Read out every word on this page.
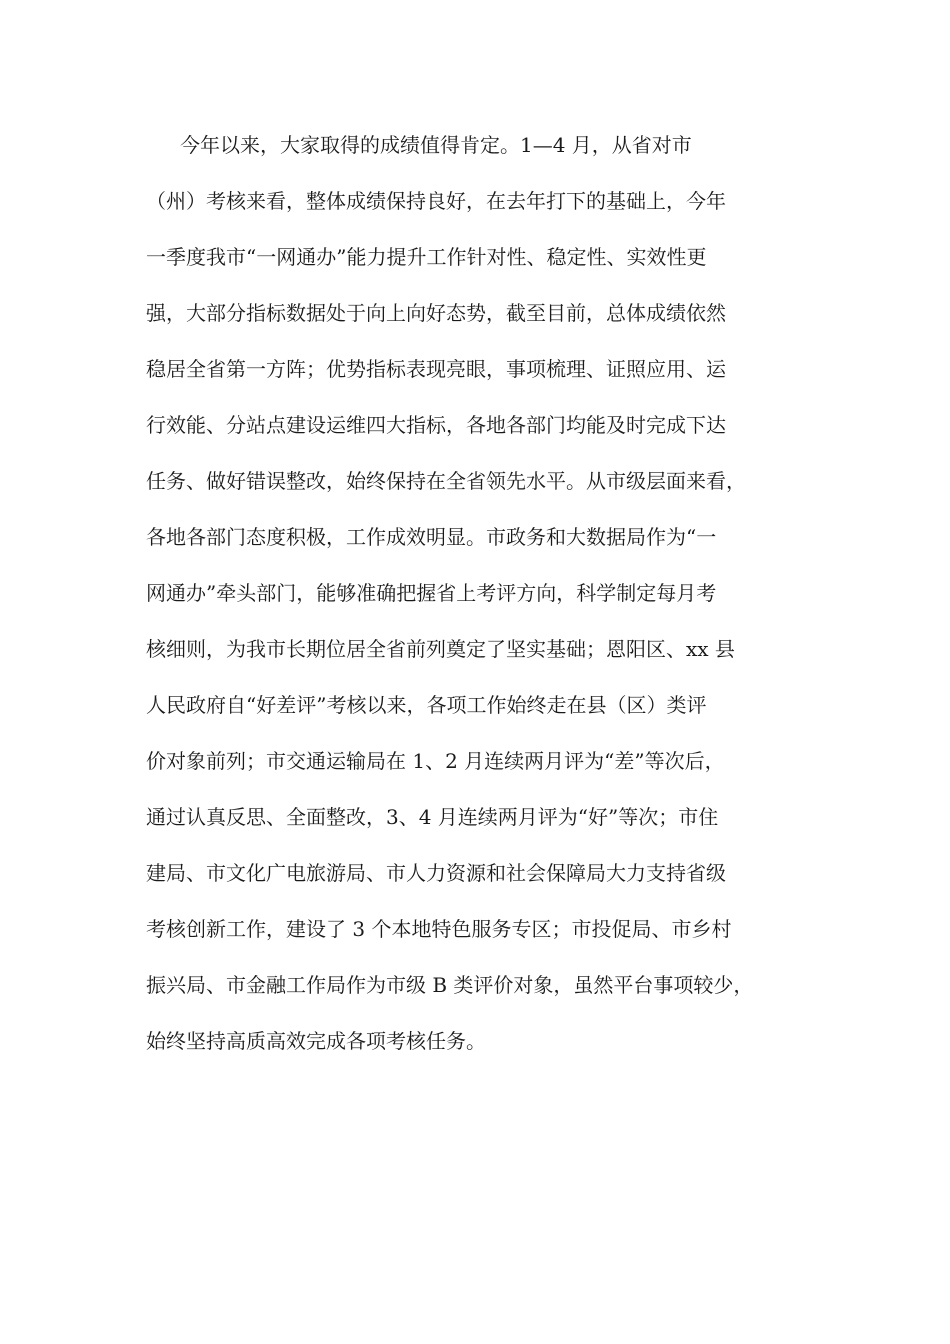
今年以来，大家取得的成绩值得肯定。1—4 月，从省对市
（州）考核来看，整体成绩保持良好，在去年打下的基础上，今年
一季度我市“一网通办”能力提升工作针对性、稳定性、实效性更
强，大部分指标数据处于向上向好态势，截至目前，总体成绩依然
稳居全省第一方阵；优势指标表现亮眼，事项梳理、证照应用、运
行效能、分站点建设运维四大指标，各地各部门均能及时完成下达
任务、做好错误整改，始终保持在全省领先水平。从市级层面来看，
各地各部门态度积极，工作成效明显。市政务和大数据局作为“一
网通办”牵头部门，能够准确把握省上考评方向，科学制定每月考
核细则，为我市长期位居全省前列奠定了坚实基础；恩阳区、xx 县
人民政府自“好差评”考核以来，各项工作始终走在县（区）类评
价对象前列；市交通运输局在 1、2 月连续两月评为“差”等次后，
通过认真反思、全面整改，3、4 月连续两月评为“好”等次；市住
建局、市文化广电旅游局、市人力资源和社会保障局大力支持省级
考核创新工作，建设了 3 个本地特色服务专区；市投促局、市乡村
振兴局、市金融工作局作为市级 B 类评价对象，虽然平台事项较少，
始终坚持高质高效完成各项考核任务。
